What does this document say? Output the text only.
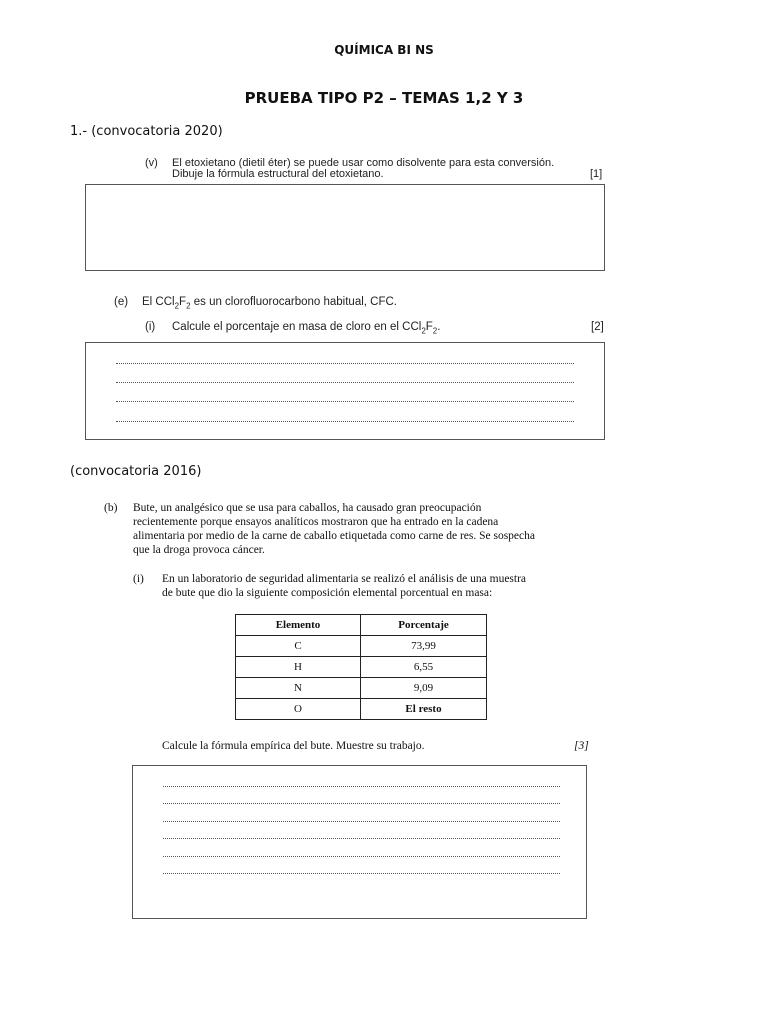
QUÍMICA BI NS
PRUEBA TIPO P2 – TEMAS 1,2 Y 3
1.- (convocatoria 2020)
(v) El etoxietano (dietil éter) se puede usar como disolvente para esta conversión.
Dibuje la fórmula estructural del etoxietano.	[1]
(e) El $CCl_2F_2$ es un clorofluorocarbono habitual, CFC.
(i) Calcule el porcentaje en masa de cloro en el $CCl_2F_2$.	[2]
(convocatoria 2016)
(b) Bute, un analgésico que se usa para caballos, ha causado gran preocupación
recientemente porque ensayos analíticos mostraron que ha entrado en la cadena
alimentaria por medio de la carne de caballo etiquetada como carne de res. Se sospecha
que la droga provoca cáncer.
(i) En un laboratorio de seguridad alimentaria se realizó el análisis de una muestra
de bute que dio la siguiente composición elemental porcentual en masa:
Elemento	Porcentaje
C	73,99
H	6,55
N	9,09
O	El resto
Calcule la fórmula empírica del bute. Muestre su trabajo.	[3]
